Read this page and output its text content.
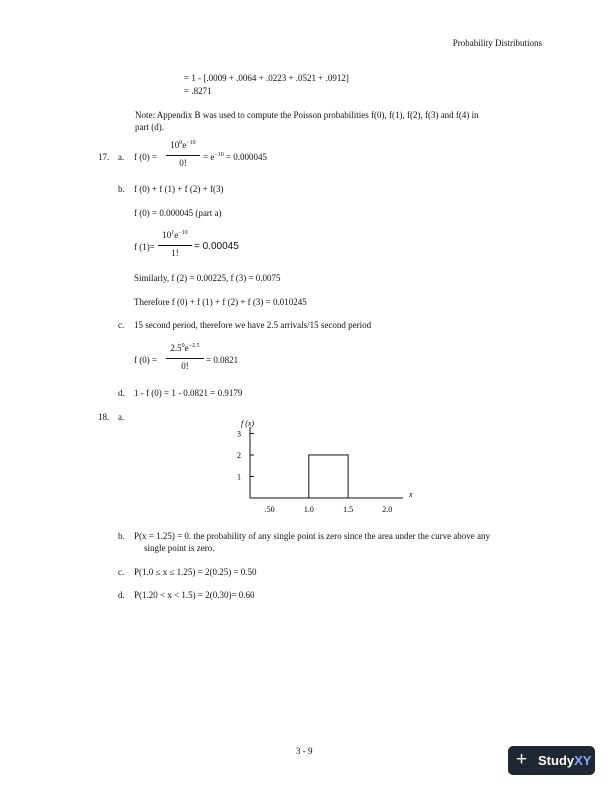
Probability Distributions
= 1 - [.0009 + .0064 + .0223 + .0521 + .0912]
= .8271
Note: Appendix B was used to compute the Poisson probabilities f(0), f(1), f(2), f(3) and f(4) in
part (d).
17. a. f (0) =
$10^0e^{-10}$
0!
= $e^{-10} = 0.000045$
b. f (0) + f (1) + f (2) + f(3)
f (0) = 0.000045 (part a)
f (1)=
$10^1e^{-10}$
1!
= 0.00045
Similarly, f (2) = 0.00225, f (3) = 0.0075
Therefore f (0) + f (1) + f (2) + f (3) = 0.010245
c. 15 second period, therefore we have 2.5 arrivals/15 second period
f (0) =
$2.5^0e^{-2.5}$
0!
= 0.0821
d. 1 - f (0) = 1 - 0.0821 = 0.9179
18. a.
3
2
1
.50	1.0	1.5	2.0
f (x)
x
b. P(x = 1.25) = 0. the probability of any single point is zero since the area under the curve above any
single point is zero.
c. P(1.0 ≤ x ≤ 1.25) = 2(0.25) = 0.50
d. P(1.20 < x < 1.5) = 2(0.30)= 0.60
3 - 9	+ StudyXY
